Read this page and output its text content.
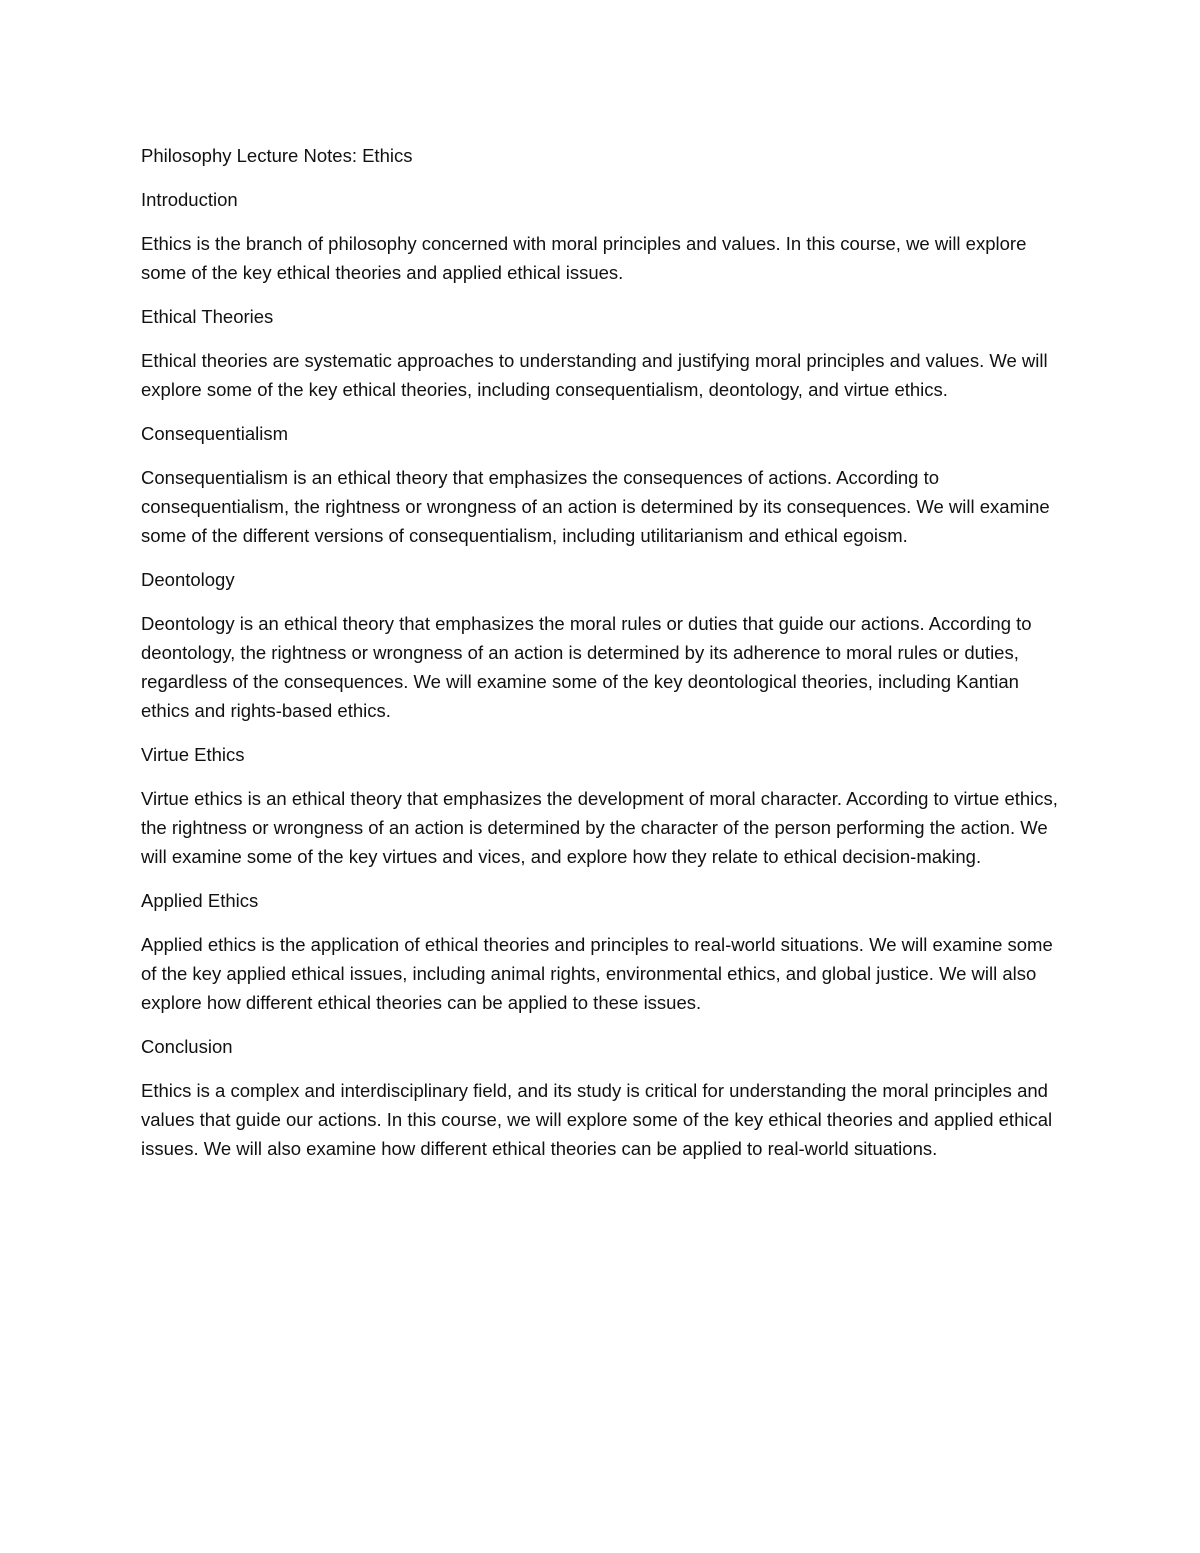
Philosophy Lecture Notes: Ethics

Introduction

Ethics is the branch of philosophy concerned with moral principles and values. In this course, we will explore some of the key ethical theories and applied ethical issues.

Ethical Theories

Ethical theories are systematic approaches to understanding and justifying moral principles and values. We will explore some of the key ethical theories, including consequentialism, deontology, and virtue ethics.

Consequentialism

Consequentialism is an ethical theory that emphasizes the consequences of actions. According to consequentialism, the rightness or wrongness of an action is determined by its consequences. We will examine some of the different versions of consequentialism, including utilitarianism and ethical egoism.

Deontology

Deontology is an ethical theory that emphasizes the moral rules or duties that guide our actions. According to deontology, the rightness or wrongness of an action is determined by its adherence to moral rules or duties, regardless of the consequences. We will examine some of the key deontological theories, including Kantian ethics and rights-based ethics.

Virtue Ethics

Virtue ethics is an ethical theory that emphasizes the development of moral character. According to virtue ethics, the rightness or wrongness of an action is determined by the character of the person performing the action. We will examine some of the key virtues and vices, and explore how they relate to ethical decision-making.

Applied Ethics

Applied ethics is the application of ethical theories and principles to real-world situations. We will examine some of the key applied ethical issues, including animal rights, environmental ethics, and global justice. We will also explore how different ethical theories can be applied to these issues.

Conclusion

Ethics is a complex and interdisciplinary field, and its study is critical for understanding the moral principles and values that guide our actions. In this course, we will explore some of the key ethical theories and applied ethical issues. We will also examine how different ethical theories can be applied to real-world situations.
